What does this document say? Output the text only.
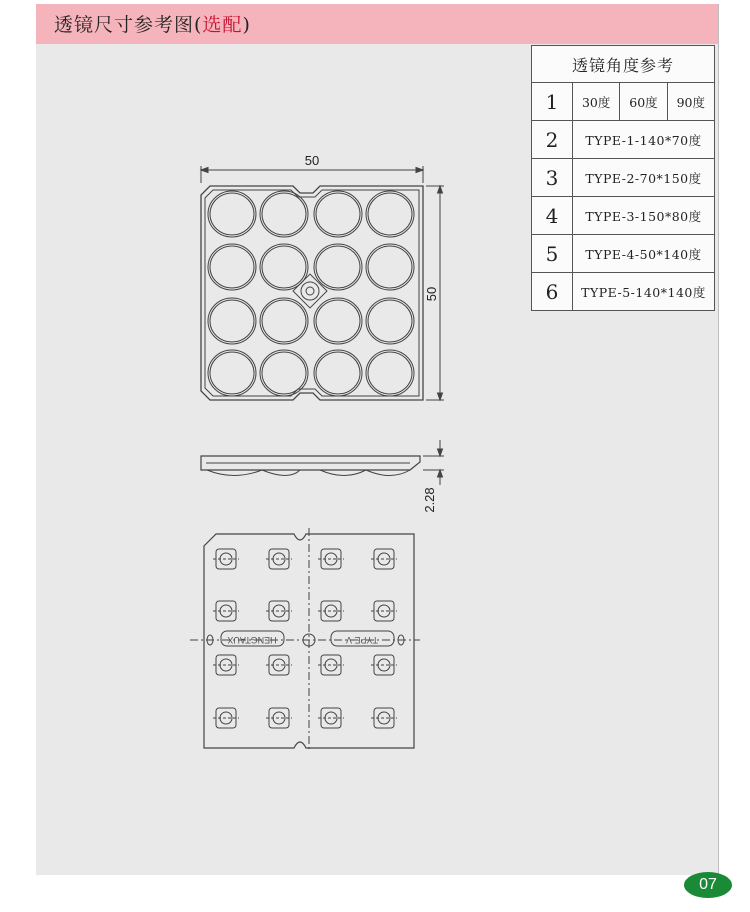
透镜尺寸参考图(选配)
透镜角度参考			
1	30度	60度	90度
2	TYPE-1-140*70度		
3	TYPE-2-70*150度		
4	TYPE-3-150*80度		
5	TYPE-4-50*140度		
6	TYPE-5-140*140度		
50
50
2.28
HENGTAUX	TYPE V
07
